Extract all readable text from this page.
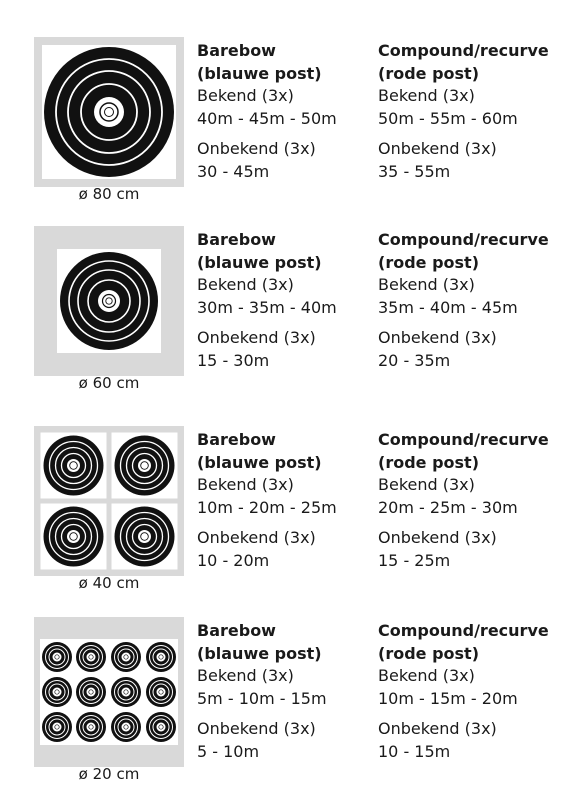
ø 80 cm
Barebow
(blauwe post)
Bekend (3x)
40m - 45m - 50m
Onbekend (3x)
30 - 45m
Compound/recurve
(rode post)
Bekend (3x)
50m - 55m - 60m
Onbekend (3x)
35 - 55m
ø 60 cm
Barebow
(blauwe post)
Bekend (3x)
30m - 35m - 40m
Onbekend (3x)
15 - 30m
Compound/recurve
(rode post)
Bekend (3x)
35m - 40m - 45m
Onbekend (3x)
20 - 35m
ø 40 cm
Barebow
(blauwe post)
Bekend (3x)
10m - 20m - 25m
Onbekend (3x)
10 - 20m
Compound/recurve
(rode post)
Bekend (3x)
20m - 25m - 30m
Onbekend (3x)
15 - 25m
ø 20 cm
Barebow
(blauwe post)
Bekend (3x)
5m - 10m - 15m
Onbekend (3x)
5 - 10m
Compound/recurve
(rode post)
Bekend (3x)
10m - 15m - 20m
Onbekend (3x)
10 - 15m
